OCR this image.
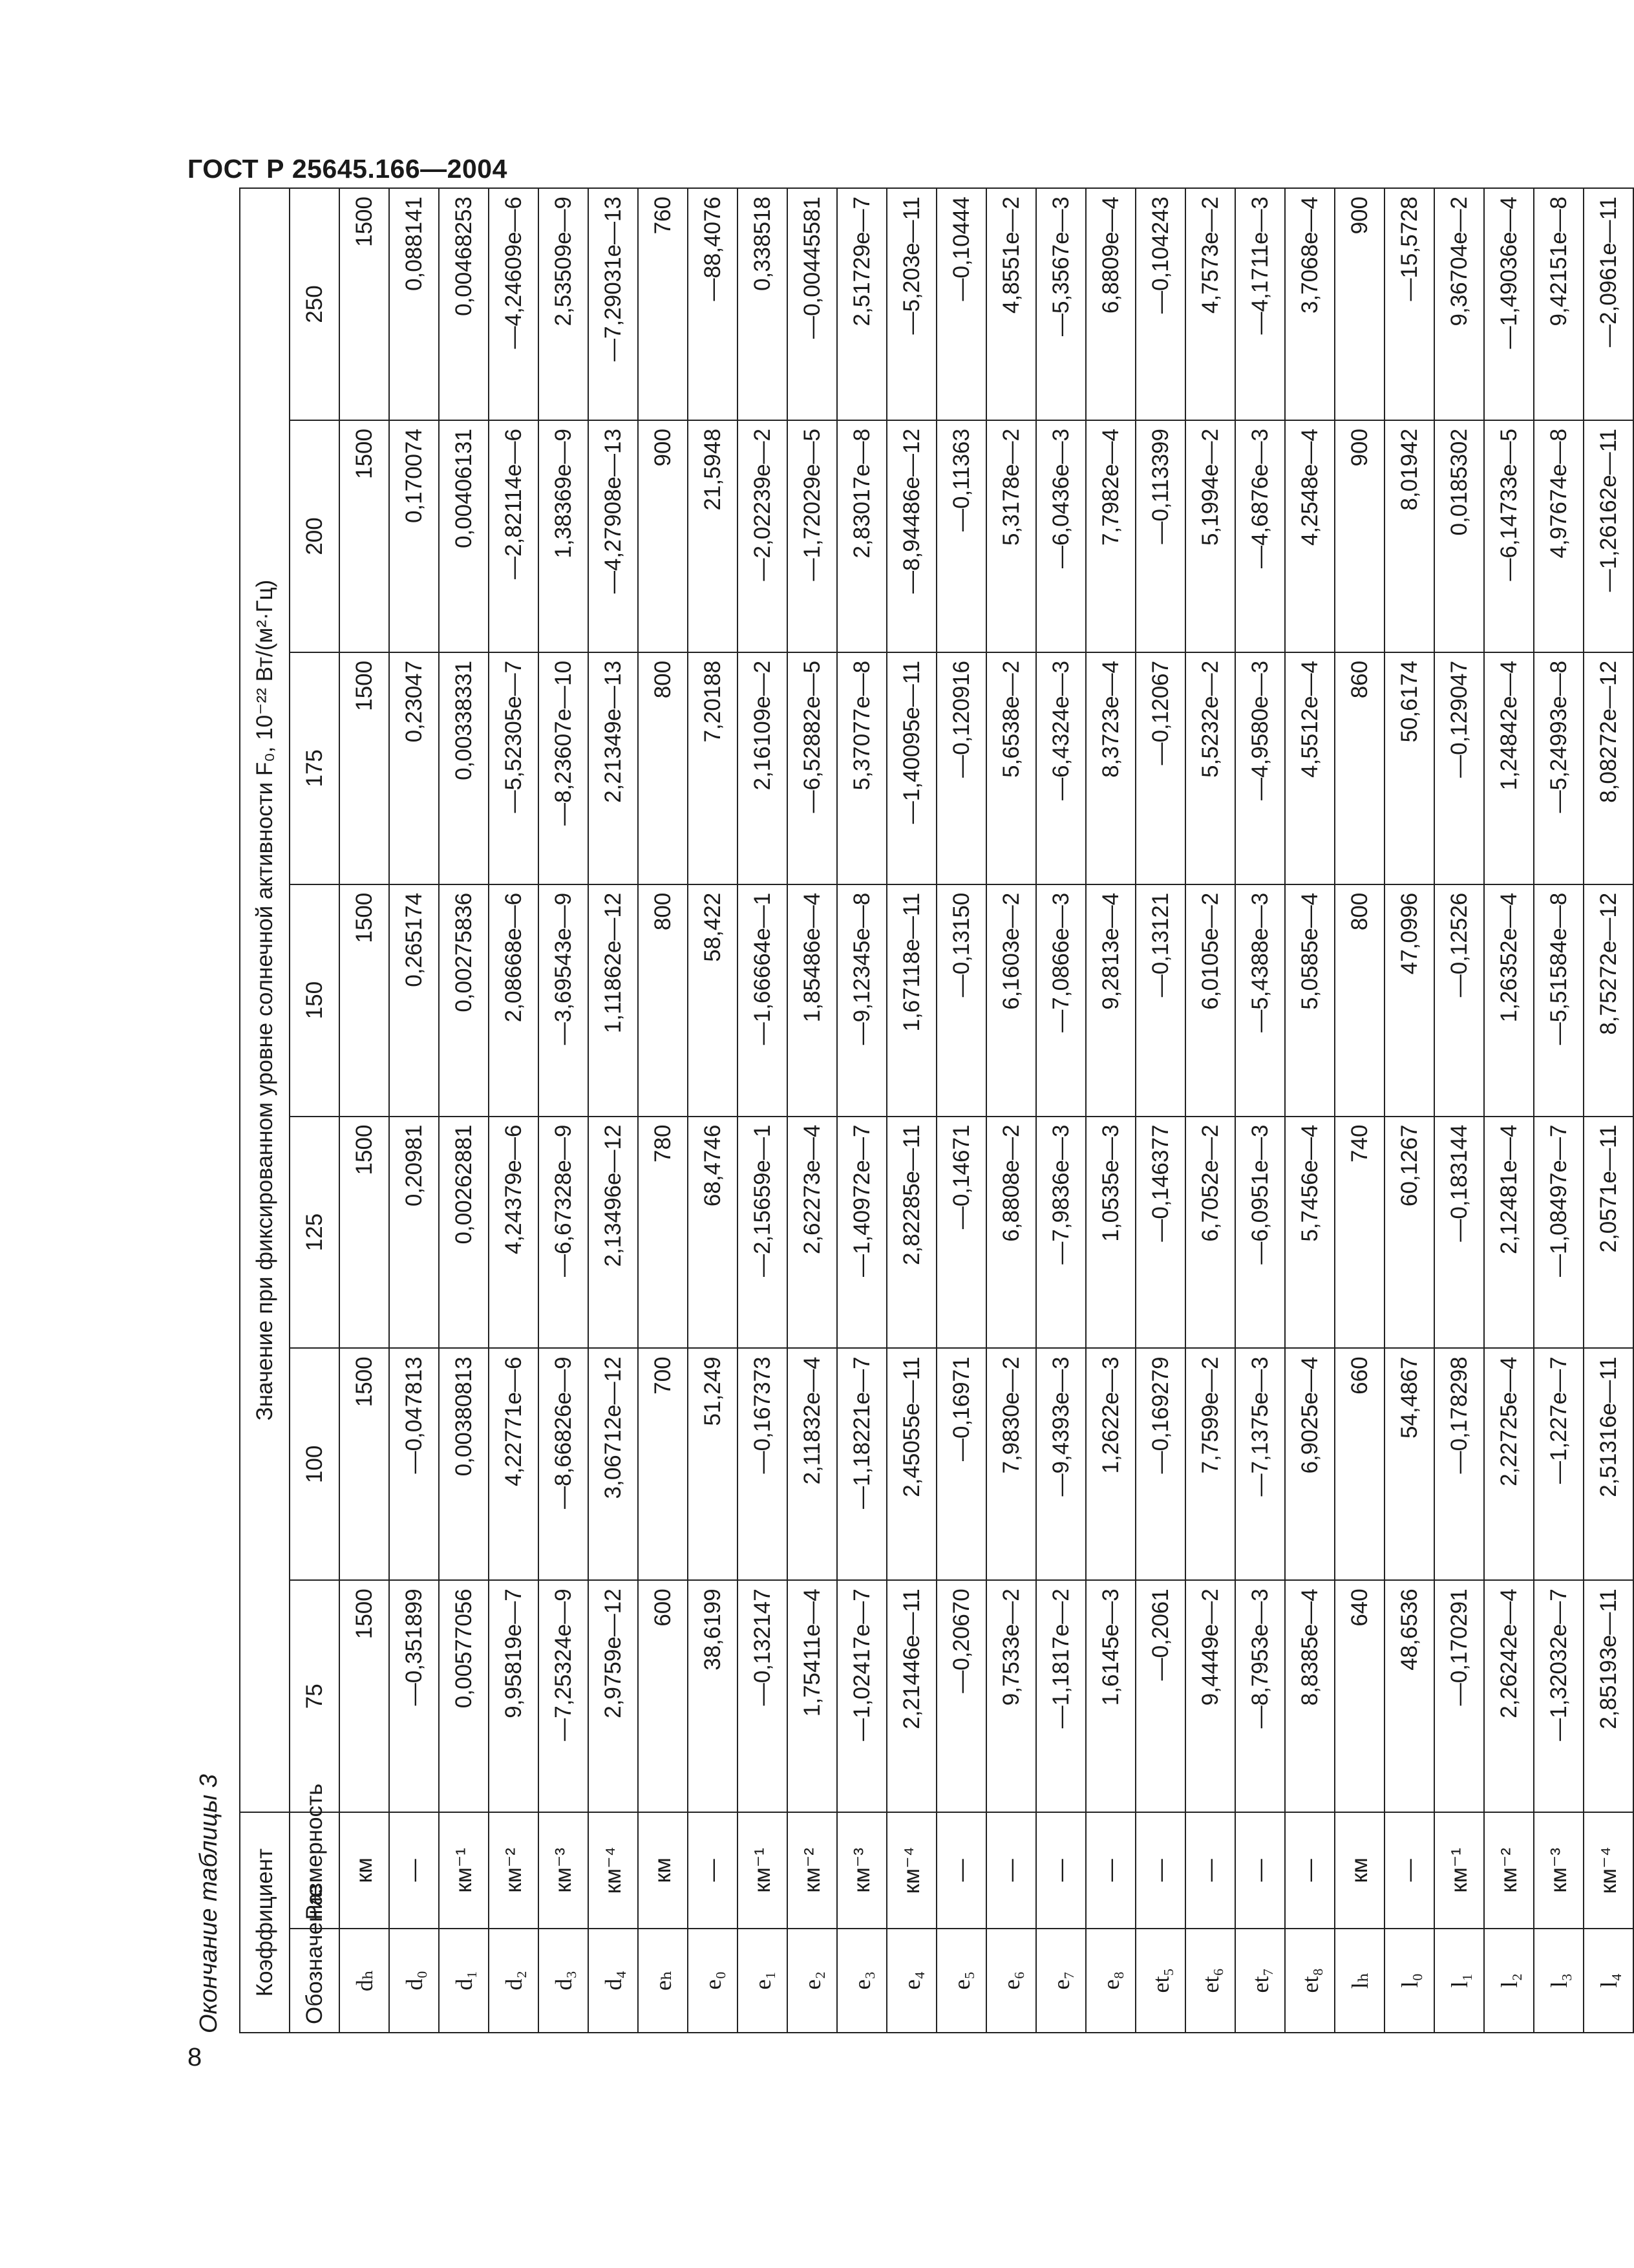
ГОСТ Р 25645.166—2004
8
Окончание таблицы 3	Коэффициент		Значение при фиксированном уровне солнечной активности F₀, 10⁻²² Вт/(м²·Гц)						
Обозначение	Размерность	75	100	125	150	175	200	250
dₕ	км	1500	1500	1500	1500	1500	1500	1500
d₀	—	—0,351899	—0,047813	0,20981	0,265174	0,23047	0,170074	0,088141
d₁	км⁻¹	0,00577056	0,00380813	0,00262881	0,00275836	0,00338331	0,00406131	0,00468253
d₂	км⁻²	9,95819e—7	4,22771e—6	4,24379e—6	2,08668e—6	—5,52305e—7	—2,82114e—6	—4,24609e—6
d₃	км⁻³	—7,25324e—9	—8,66826e—9	—6,67328e—9	—3,69543e—9	—8,23607e—10	1,38369e—9	2,53509e—9
d₄	км⁻⁴	2,9759e—12	3,06712e—12	2,13496e—12	1,11862e—12	2,21349e—13	—4,27908e—13	—7,29031e—13
eₕ	км	600	700	780	800	800	900	760
e₀	—	38,6199	51,249	68,4746	58,422	7,20188	21,5948	—88,4076
e₁	км⁻¹	—0,132147	—0,167373	—2,15659e—1	—1,66664e—1	2,16109e—2	—2,02239e—2	0,338518
e₂	км⁻²	1,75411e—4	2,11832e—4	2,62273e—4	1,85486e—4	—6,52882e—5	—1,72029e—5	—0,00445581
e₃	км⁻³	—1,02417e—7	—1,18221e—7	—1,40972e—7	—9,12345e—8	5,37077e—8	2,83017e—8	2,51729e—7
e₄	км⁻⁴	2,21446e—11	2,45055e—11	2,82285e—11	1,67118e—11	—1,40095e—11	—8,94486e—12	—5,203e—11
e₅	—	—0,20670	—0,16971	—0,14671	—0,13150	—0,120916	—0,11363	—0,10444
e₆	—	9,7533e—2	7,9830e—2	6,8808e—2	6,1603e—2	5,6538e—2	5,3178e—2	4,8551e—2
e₇	—	—1,1817e—2	—9,4393e—3	—7,9836e—3	—7,0866e—3	—6,4324e—3	—6,0436e—3	—5,3567e—3
e₈	—	1,6145e—3	1,2622e—3	1,0535e—3	9,2813e—4	8,3723e—4	7,7982e—4	6,8809e—4
et₅	—	—0,2061	—0,169279	—0,146377	—0,13121	—0,12067	—0,113399	—0,104243
et₆	—	9,4449e—2	7,7599e—2	6,7052e—2	6,0105e—2	5,5232e—2	5,1994e—2	4,7573e—2
et₇	—	—8,7953e—3	—7,1375e—3	—6,0951e—3	—5,4388e—3	—4,9580e—3	—4,6876e—3	—4,1711e—3
et₈	—	8,8385e—4	6,9025e—4	5,7456e—4	5,0585e—4	4,5512e—4	4,2548e—4	3,7068e—4
lₕ	км	640	660	740	800	860	900	900
l₀	—	48,6536	54,4867	60,1267	47,0996	50,6174	8,01942	—15,5728
l₁	км⁻¹	—0,170291	—0,178298	—0,183144	—0,12526	—0,129047	0,0185302	9,36704e—2
l₂	км⁻²	2,26242e—4	2,22725e—4	2,12481e—4	1,26352e—4	1,24842e—4	—6,14733e—5	—1,49036e—4
l₃	км⁻³	—1,32032e—7	—1,227e—7	—1,08497e—7	—5,51584e—8	—5,24993e—8	4,97674e—8	9,42151e—8
l₄	км⁻⁴	2,85193e—11	2,51316e—11	2,0571e—11	8,75272e—12	8,08272e—12	—1,26162e—11	—2,0961e—11
